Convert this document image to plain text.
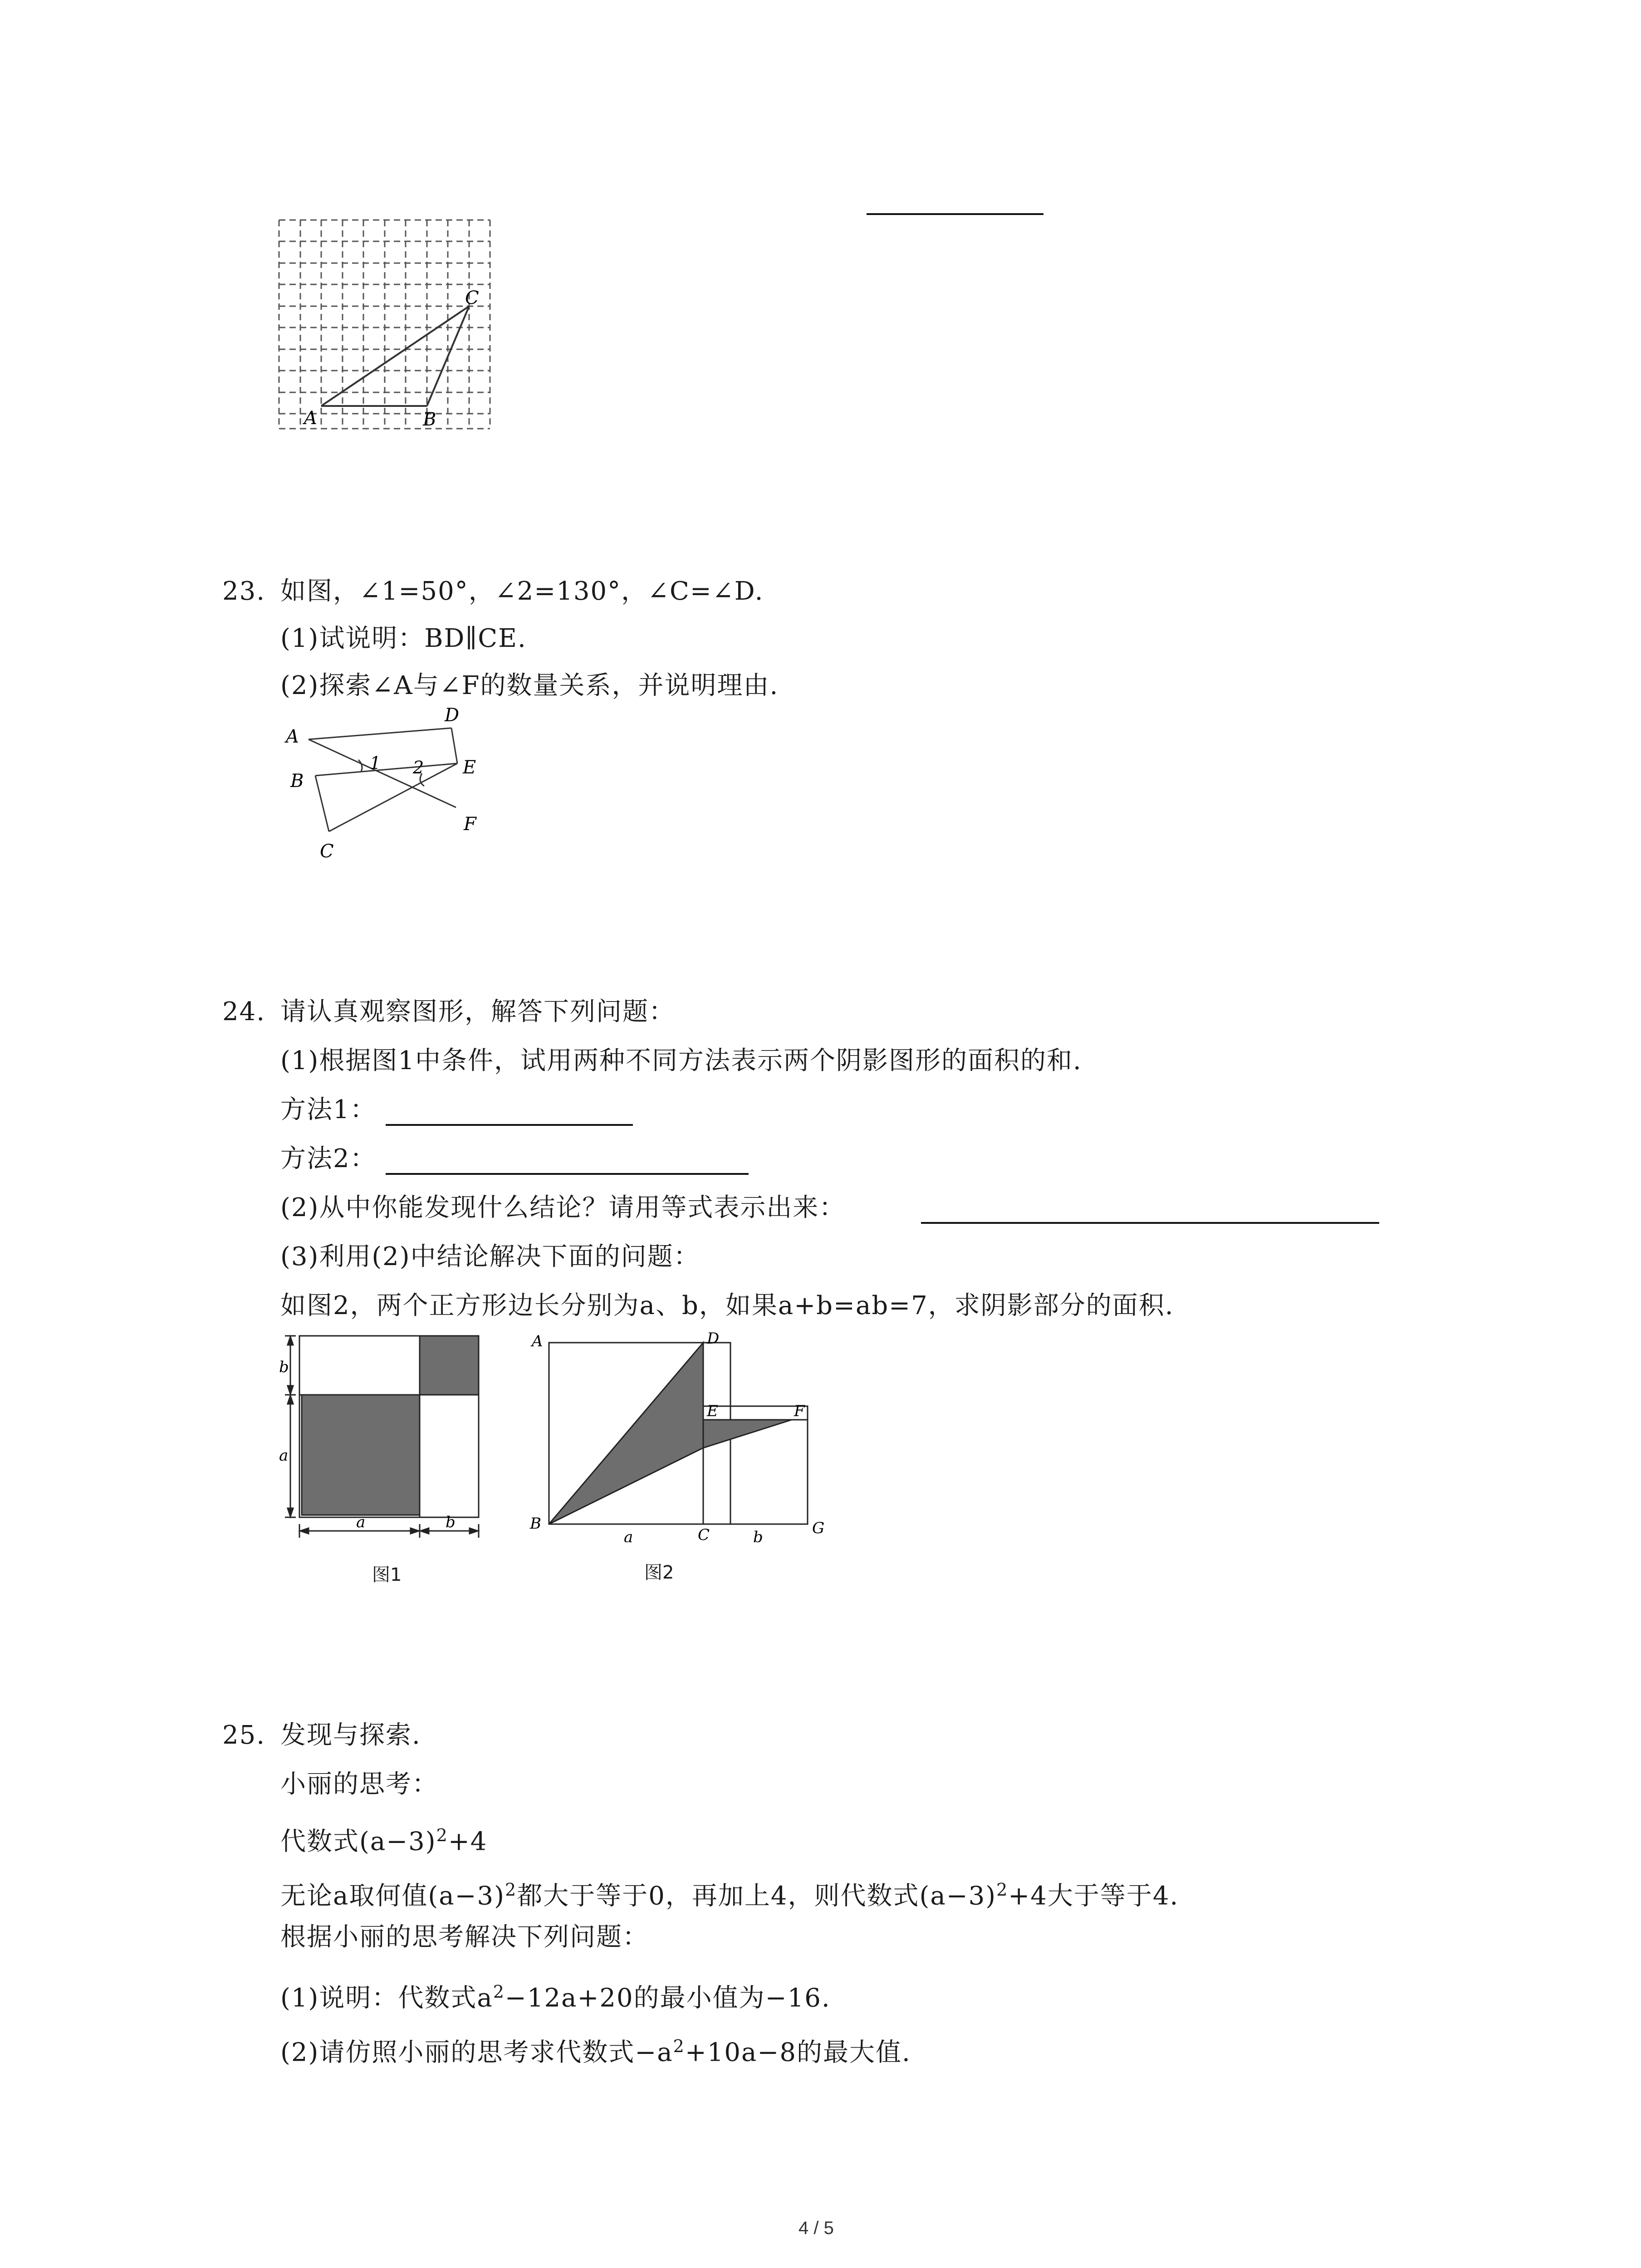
A	B
C
23. 如图，∠1=50°，∠2=130°，∠C=∠D.
(1)试说明：BD∥CE.
(2)探索∠A与∠F的数量关系，并说明理由.
A
B
C
D
E
F
1 2
24. 请认真观察图形，解答下列问题：
(1)根据图1中条件，试用两种不同方法表示两个阴影图形的面积的和.
方法1：
方法2：
(2)从中你能发现什么结论？请用等式表示出来：
(3)利用(2)中结论解决下面的问题：
如图2，两个正方形边长分别为a、b，如果a+b=ab=7，求阴影部分的面积.
b
a
a	b
图1
A
B
C
D
E	F
G
a	b
图2
25. 发现与探索.
小丽的思考：
代数式$(a-3)^2+4$
无论a取何值$(a-3)^2$都大于等于0，再加上4，则代数式$(a-3)^2+4$大于等于4.
根据小丽的思考解决下列问题：
(1)说明：代数式$a^2-12a+20$的最小值为−16.
(2)请仿照小丽的思考求代数式$-a^2+10a-8$的最大值.
4 / 5
